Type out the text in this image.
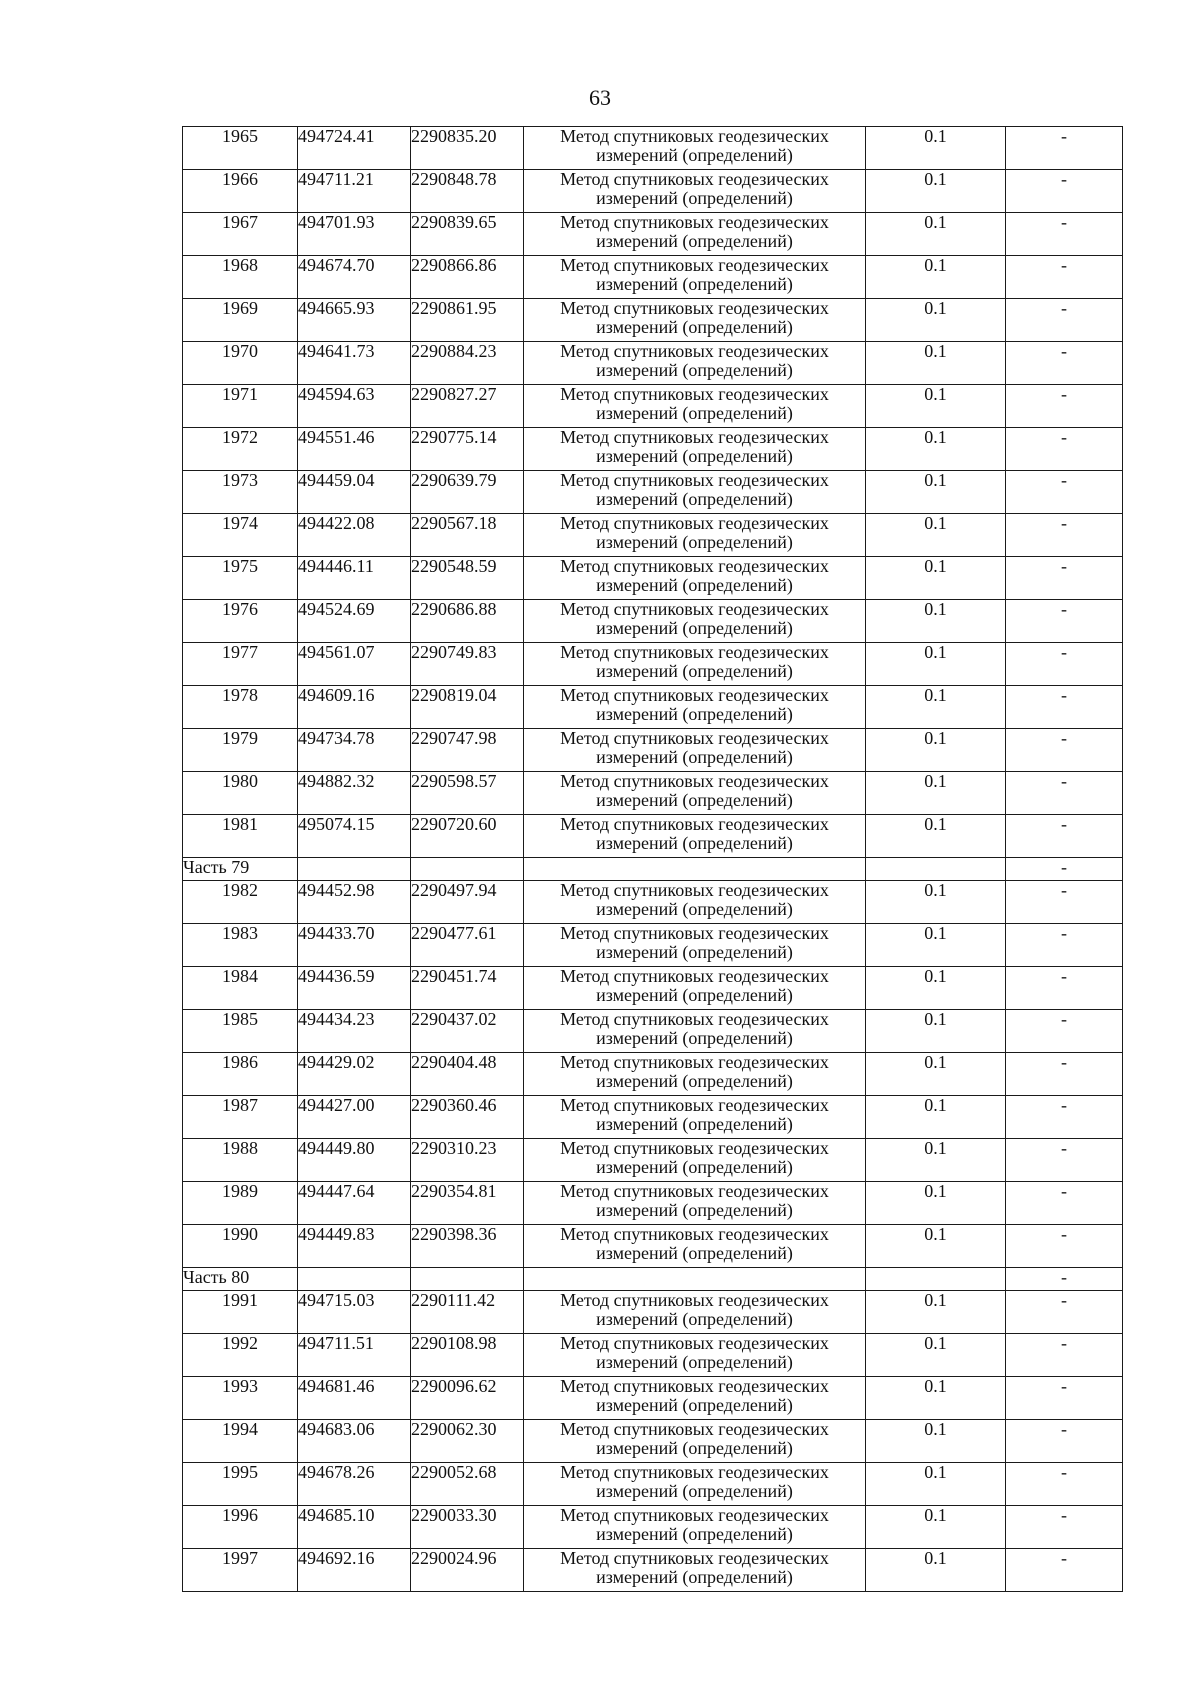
63
1965	494724.41	2290835.20	Метод спутниковых геодезических измерений (определений)	0.1	-
1966	494711.21	2290848.78	Метод спутниковых геодезических измерений (определений)	0.1	-
1967	494701.93	2290839.65	Метод спутниковых геодезических измерений (определений)	0.1	-
1968	494674.70	2290866.86	Метод спутниковых геодезических измерений (определений)	0.1	-
1969	494665.93	2290861.95	Метод спутниковых геодезических измерений (определений)	0.1	-
1970	494641.73	2290884.23	Метод спутниковых геодезических измерений (определений)	0.1	-
1971	494594.63	2290827.27	Метод спутниковых геодезических измерений (определений)	0.1	-
1972	494551.46	2290775.14	Метод спутниковых геодезических измерений (определений)	0.1	-
1973	494459.04	2290639.79	Метод спутниковых геодезических измерений (определений)	0.1	-
1974	494422.08	2290567.18	Метод спутниковых геодезических измерений (определений)	0.1	-
1975	494446.11	2290548.59	Метод спутниковых геодезических измерений (определений)	0.1	-
1976	494524.69	2290686.88	Метод спутниковых геодезических измерений (определений)	0.1	-
1977	494561.07	2290749.83	Метод спутниковых геодезических измерений (определений)	0.1	-
1978	494609.16	2290819.04	Метод спутниковых геодезических измерений (определений)	0.1	-
1979	494734.78	2290747.98	Метод спутниковых геодезических измерений (определений)	0.1	-
1980	494882.32	2290598.57	Метод спутниковых геодезических измерений (определений)	0.1	-
1981	495074.15	2290720.60	Метод спутниковых геодезических измерений (определений)	0.1	-
Часть 79					-
1982	494452.98	2290497.94	Метод спутниковых геодезических измерений (определений)	0.1	-
1983	494433.70	2290477.61	Метод спутниковых геодезических измерений (определений)	0.1	-
1984	494436.59	2290451.74	Метод спутниковых геодезических измерений (определений)	0.1	-
1985	494434.23	2290437.02	Метод спутниковых геодезических измерений (определений)	0.1	-
1986	494429.02	2290404.48	Метод спутниковых геодезических измерений (определений)	0.1	-
1987	494427.00	2290360.46	Метод спутниковых геодезических измерений (определений)	0.1	-
1988	494449.80	2290310.23	Метод спутниковых геодезических измерений (определений)	0.1	-
1989	494447.64	2290354.81	Метод спутниковых геодезических измерений (определений)	0.1	-
1990	494449.83	2290398.36	Метод спутниковых геодезических измерений (определений)	0.1	-
Часть 80					-
1991	494715.03	2290111.42	Метод спутниковых геодезических измерений (определений)	0.1	-
1992	494711.51	2290108.98	Метод спутниковых геодезических измерений (определений)	0.1	-
1993	494681.46	2290096.62	Метод спутниковых геодезических измерений (определений)	0.1	-
1994	494683.06	2290062.30	Метод спутниковых геодезических измерений (определений)	0.1	-
1995	494678.26	2290052.68	Метод спутниковых геодезических измерений (определений)	0.1	-
1996	494685.10	2290033.30	Метод спутниковых геодезических измерений (определений)	0.1	-
1997	494692.16	2290024.96	Метод спутниковых геодезических измерений (определений)	0.1	-
